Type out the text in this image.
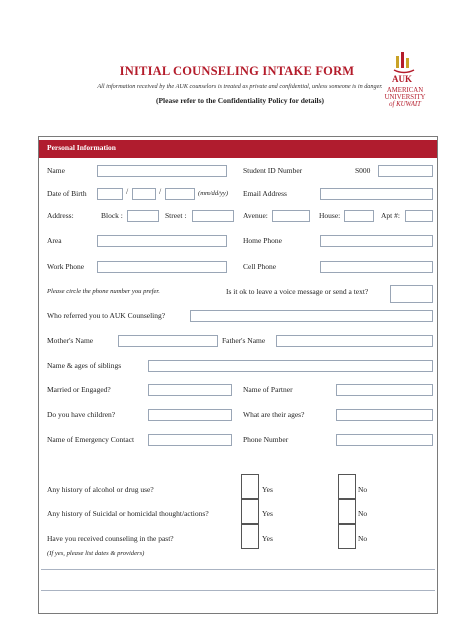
INITIAL COUNSELING INTAKE FORM
All information received by the AUK counselors is treated as private and confidential, unless someone is in danger.
(Please refer to the Confidentiality Policy for details)
AUK
AMERICAN
UNIVERSITY
of KUWAIT
Personal Information
Name	Student ID Number	S000
Date of Birth	/	/	(mm/dd/yy) Email Address
Address:	Block :	Street :	Avenue:	House:	Apt #:
Area	Home Phone
Work Phone	Cell Phone
Please circle the phone number you prefer.	Is it ok to leave a voice message or send a text?
Who referred you to AUK Counseling?
Mother's Name	Father's Name
Name & ages of siblings
Married or Engaged?	Name of Partner
Do you have children?	What are their ages?
Name of Emergency Contact	Phone Number
Any history of alcohol or drug use?	Yes	No
Any history of Suicidal or homicidal thought/actions?	Yes	No
Have you received counseling in the past?	Yes	No
(If yes, please list dates & providers)
